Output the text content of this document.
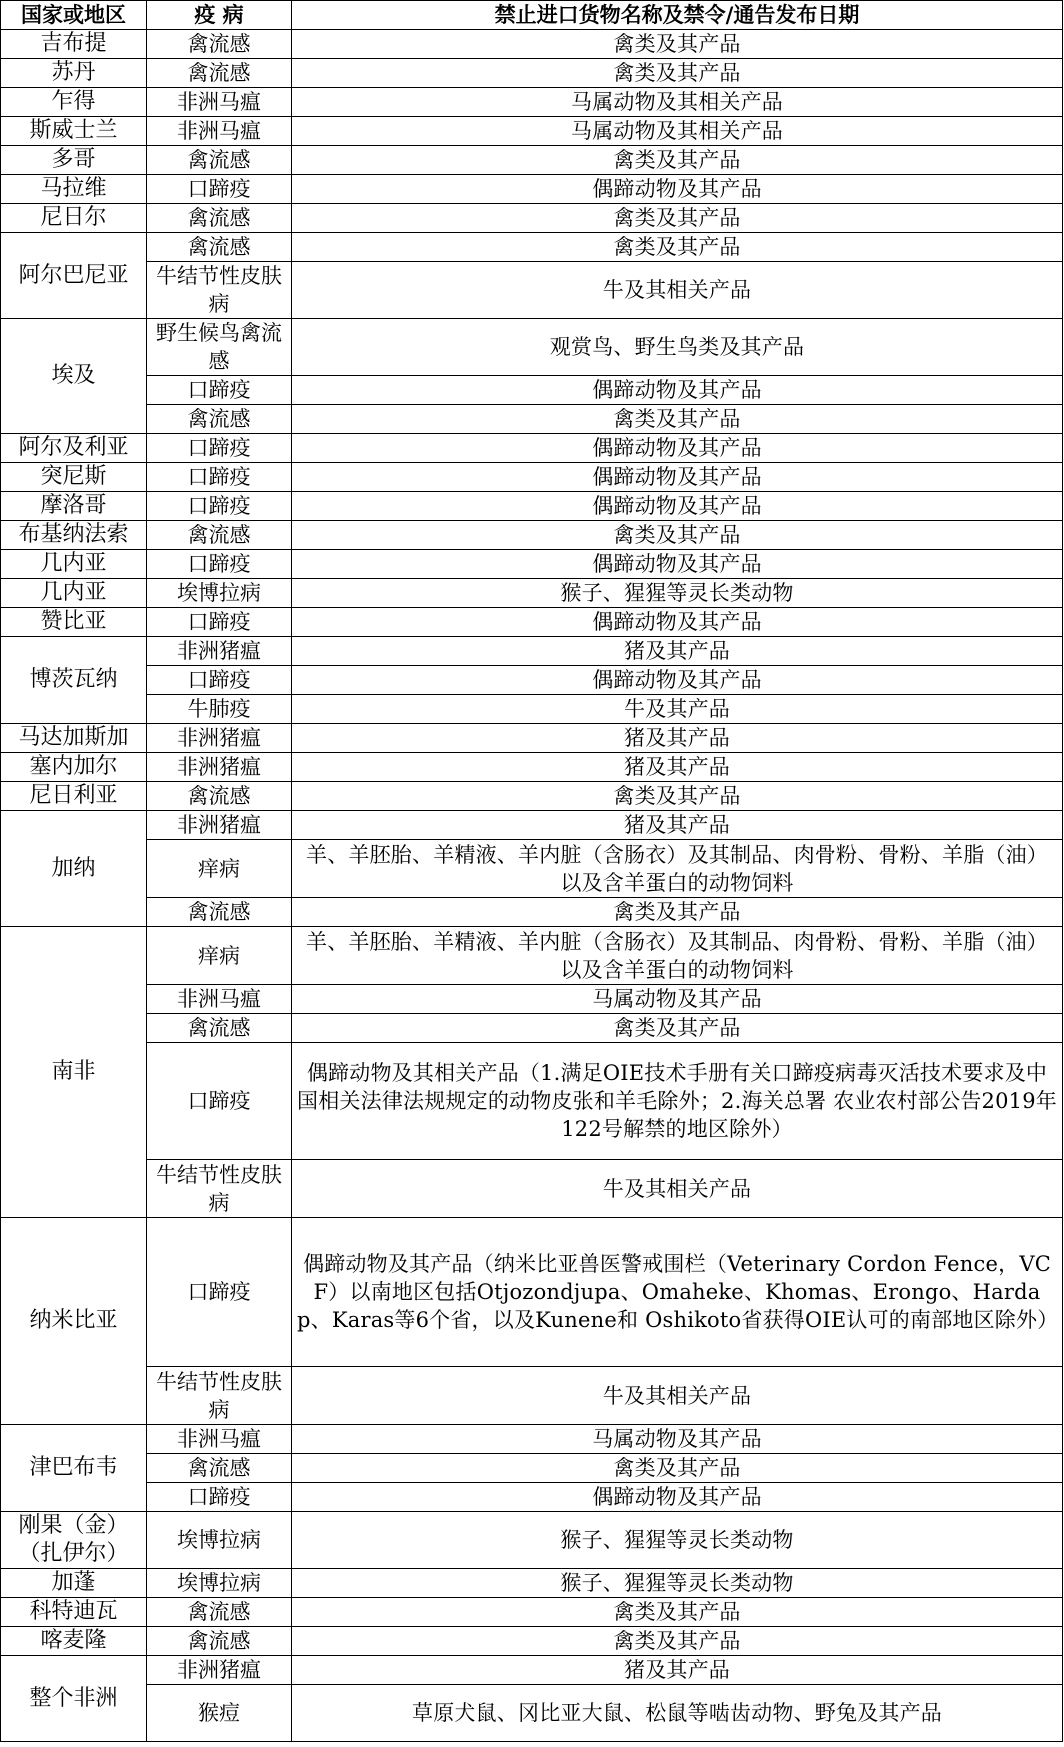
国家或地区	疫 病	禁止进口货物名称及禁令/通告发布日期
吉布提	禽流感	禽类及其产品
苏丹	禽流感	禽类及其产品
乍得	非洲马瘟	马属动物及其相关产品
斯威士兰	非洲马瘟	马属动物及其相关产品
多哥	禽流感	禽类及其产品
马拉维	口蹄疫	偶蹄动物及其产品
尼日尔	禽流感	禽类及其产品
阿尔巴尼亚	禽流感	禽类及其产品
	牛结节性皮肤病	牛及其相关产品
埃及	野生候鸟禽流感	观赏鸟、野生鸟类及其产品
	口蹄疫	偶蹄动物及其产品
	禽流感	禽类及其产品
阿尔及利亚	口蹄疫	偶蹄动物及其产品
突尼斯	口蹄疫	偶蹄动物及其产品
摩洛哥	口蹄疫	偶蹄动物及其产品
布基纳法索	禽流感	禽类及其产品
几内亚	口蹄疫	偶蹄动物及其产品
几内亚	埃博拉病	猴子、猩猩等灵长类动物
赞比亚	口蹄疫	偶蹄动物及其产品
博茨瓦纳	非洲猪瘟	猪及其产品
	口蹄疫	偶蹄动物及其产品
	牛肺疫	牛及其产品
马达加斯加	非洲猪瘟	猪及其产品
塞内加尔	非洲猪瘟	猪及其产品
尼日利亚	禽流感	禽类及其产品
加纳	非洲猪瘟	猪及其产品
	痒病	羊、羊胚胎、羊精液、羊内脏（含肠衣）及其制品、肉骨粉、骨粉、羊脂（油）以及含羊蛋白的动物饲料
	禽流感	禽类及其产品
南非	痒病	羊、羊胚胎、羊精液、羊内脏（含肠衣）及其制品、肉骨粉、骨粉、羊脂（油）以及含羊蛋白的动物饲料
	非洲马瘟	马属动物及其产品
	禽流感	禽类及其产品
	口蹄疫	偶蹄动物及其相关产品（1.满足OIE技术手册有关口蹄疫病毒灭活技术要求及中国相关法律法规规定的动物皮张和羊毛除外；2.海关总署 农业农村部公告2019年122号解禁的地区除外）
	牛结节性皮肤病	牛及其相关产品
纳米比亚	口蹄疫	偶蹄动物及其产品（纳米比亚兽医警戒围栏（Veterinary Cordon Fence，VCF）以南地区包括Otjozondjupa、Omaheke、Khomas、Erongo、Hardap、Karas等6个省，以及Kunene和 Oshikoto省获得OIE认可的南部地区除外）
	牛结节性皮肤病	牛及其相关产品
津巴布韦	非洲马瘟	马属动物及其产品
	禽流感	禽类及其产品
	口蹄疫	偶蹄动物及其产品
刚果（金）（扎伊尔）	埃博拉病	猴子、猩猩等灵长类动物
加蓬	埃博拉病	猴子、猩猩等灵长类动物
科特迪瓦	禽流感	禽类及其产品
喀麦隆	禽流感	禽类及其产品
整个非洲	非洲猪瘟	猪及其产品
	猴痘	草原犬鼠、冈比亚大鼠、松鼠等啮齿动物、野兔及其产品
